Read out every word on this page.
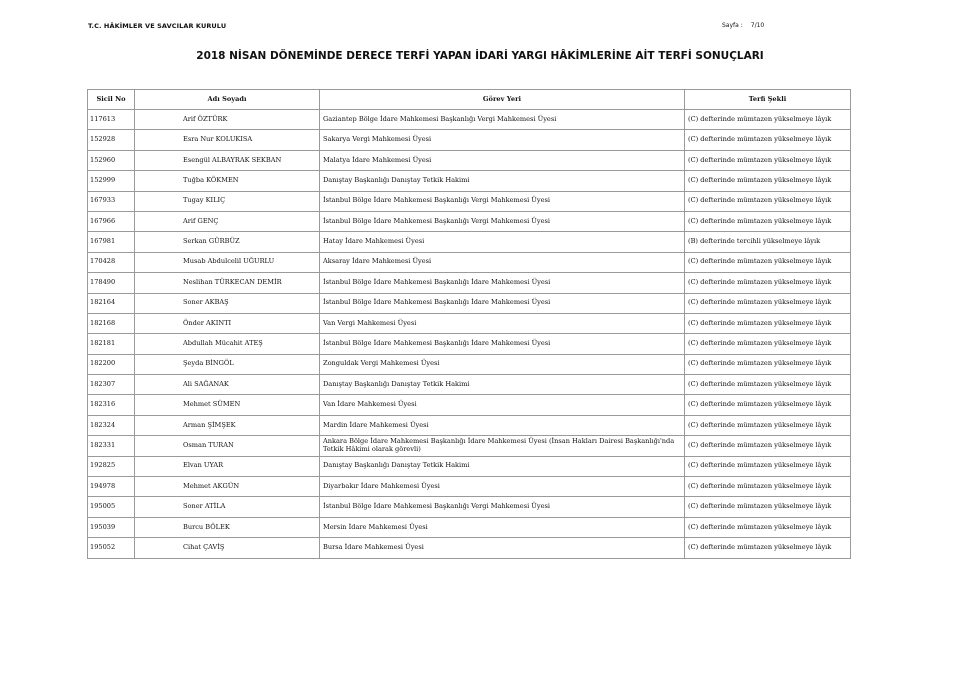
T.C. HÂKİMLER VE SAVCILAR KURULU	Sayfa : 7/10
2018 NİSAN DÖNEMİNDE DERECE TERFİ YAPAN İDARİ YARGI HÂKİMLERİNE AİT TERFİ SONUÇLARI
Sicil No	Adı Soyadı	Görev Yeri	Terfi Şekli
117613	Arif ÖZTÜRK	Gaziantep Bölge İdare Mahkemesi Başkanlığı Vergi Mahkemesi Üyesi	(C) defterinde mümtazen yükselmeye lâyık
152928	Esra Nur KOLUKISA	Sakarya Vergi Mahkemesi Üyesi	(C) defterinde mümtazen yükselmeye lâyık
152960	Esengül ALBAYRAK SEKBAN	Malatya İdare Mahkemesi Üyesi	(C) defterinde mümtazen yükselmeye lâyık
152999	Tuğba KÖKMEN	Danıştay Başkanlığı Danıştay Tetkik Hakimi	(C) defterinde mümtazen yükselmeye lâyık
167933	Tugay KILIÇ	İstanbul Bölge İdare Mahkemesi Başkanlığı Vergi Mahkemesi Üyesi	(C) defterinde mümtazen yükselmeye lâyık
167966	Arif GENÇ	İstanbul Bölge İdare Mahkemesi Başkanlığı Vergi Mahkemesi Üyesi	(C) defterinde mümtazen yükselmeye lâyık
167981	Serkan GÜRBÜZ	Hatay İdare Mahkemesi Üyesi	(B) defterinde tercihli yükselmeye lâyık
170428	Musab Abdulcelil UĞURLU	Aksaray İdare Mahkemesi Üyesi	(C) defterinde mümtazen yükselmeye lâyık
178490	Neslihan TÜRKECAN DEMİR	İstanbul Bölge İdare Mahkemesi Başkanlığı İdare Mahkemesi Üyesi	(C) defterinde mümtazen yükselmeye lâyık
182164	Soner AKBAŞ	İstanbul Bölge İdare Mahkemesi Başkanlığı İdare Mahkemesi Üyesi	(C) defterinde mümtazen yükselmeye lâyık
182168	Önder AKINTI	Van Vergi Mahkemesi Üyesi	(C) defterinde mümtazen yükselmeye lâyık
182181	Abdullah Mücahit ATEŞ	İstanbul Bölge İdare Mahkemesi Başkanlığı İdare Mahkemesi Üyesi	(C) defterinde mümtazen yükselmeye lâyık
182200	Şeyda BİNGÖL	Zonguldak Vergi Mahkemesi Üyesi	(C) defterinde mümtazen yükselmeye lâyık
182307	Ali SAĞANAK	Danıştay Başkanlığı Danıştay Tetkik Hakimi	(C) defterinde mümtazen yükselmeye lâyık
182316	Mehmet SÜMEN	Van İdare Mahkemesi Üyesi	(C) defterinde mümtazen yükselmeye lâyık
182324	Arman ŞİMŞEK	Mardin İdare Mahkemesi Üyesi	(C) defterinde mümtazen yükselmeye lâyık
182331	Osman TURAN	Ankara Bölge İdare Mahkemesi Başkanlığı İdare Mahkemesi Üyesi (İnsan Hakları Dairesi Başkanlığı'nda Tetkik Hâkimi olarak görevli)	(C) defterinde mümtazen yükselmeye lâyık
192825	Elvan UYAR	Danıştay Başkanlığı Danıştay Tetkik Hakimi	(C) defterinde mümtazen yükselmeye lâyık
194978	Mehmet AKGÜN	Diyarbakır İdare Mahkemesi Üyesi	(C) defterinde mümtazen yükselmeye lâyık
195005	Soner ATİLA	İstanbul Bölge İdare Mahkemesi Başkanlığı Vergi Mahkemesi Üyesi	(C) defterinde mümtazen yükselmeye lâyık
195039	Burcu BÖLEK	Mersin İdare Mahkemesi Üyesi	(C) defterinde mümtazen yükselmeye lâyık
195052	Cihat ÇAVİŞ	Bursa İdare Mahkemesi Üyesi	(C) defterinde mümtazen yükselmeye lâyık
